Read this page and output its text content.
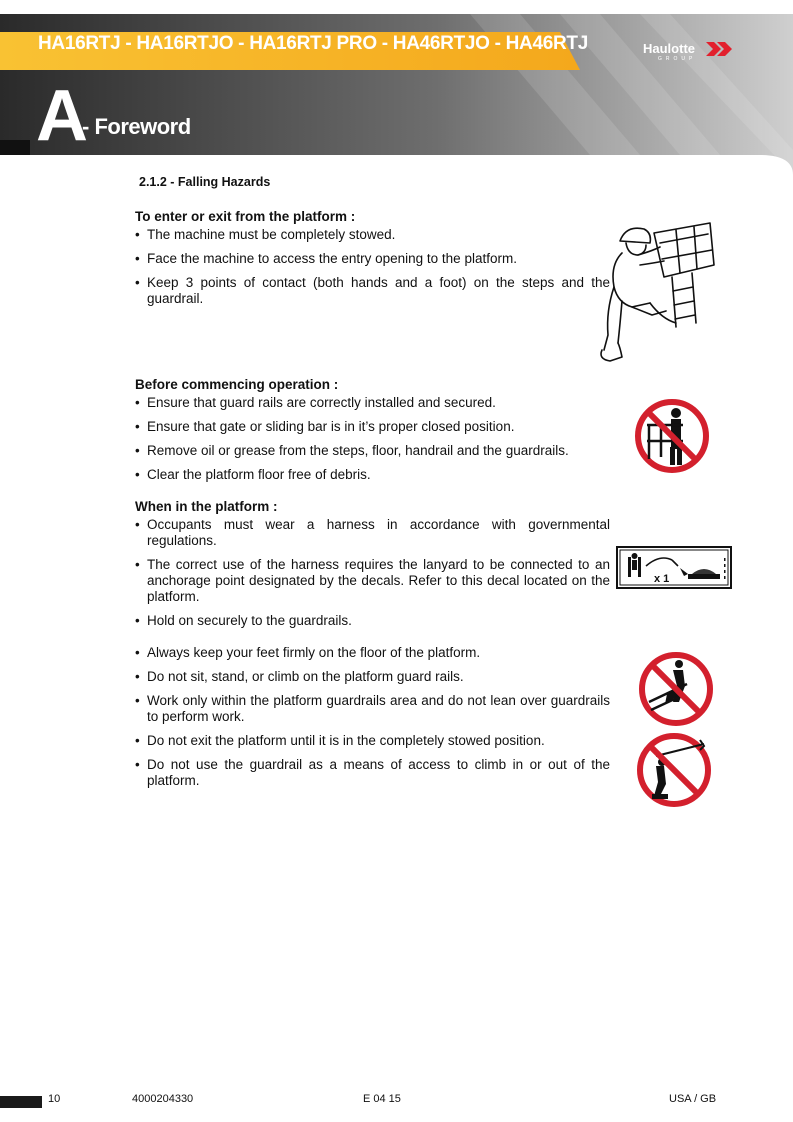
HA16RTJ - HA16RTJO - HA16RTJ PRO - HA46RTJO - HA46RTJ	Haulotte
GROUP
A
- Foreword
2.1.2 - Falling Hazards
To enter or exit from the platform :
• The machine must be completely stowed.
• Face the machine to access the entry opening to the platform.
• Keep 3 points of contact (both hands and a foot) on the steps and the guardrail.
Before commencing operation :
• Ensure that guard rails are correctly installed and secured.
• Ensure that gate or sliding bar is in it’s proper closed position.
• Remove oil or grease from the steps, floor, handrail and the guardrails.
• Clear the platform floor free of debris.
When in the platform :
• Occupants must wear a harness in accordance with governmental regulations.
• The correct use of the harness requires the lanyard to be connected to an anchorage point designated by the decals. Refer to this decal located on the platform.
• Hold on securely to the guardrails.
• Always keep your feet firmly on the floor of the platform.
• Do not sit, stand, or climb on the platform guard rails.
• Work only within the platform guardrails area and do not lean over guardrails to perform work.
• Do not exit the platform until it is in the completely stowed position.
• Do not use the guardrail as a means of access to climb in or out of the platform.
x 1
10	4000204330	E 04 15	USA / GB
